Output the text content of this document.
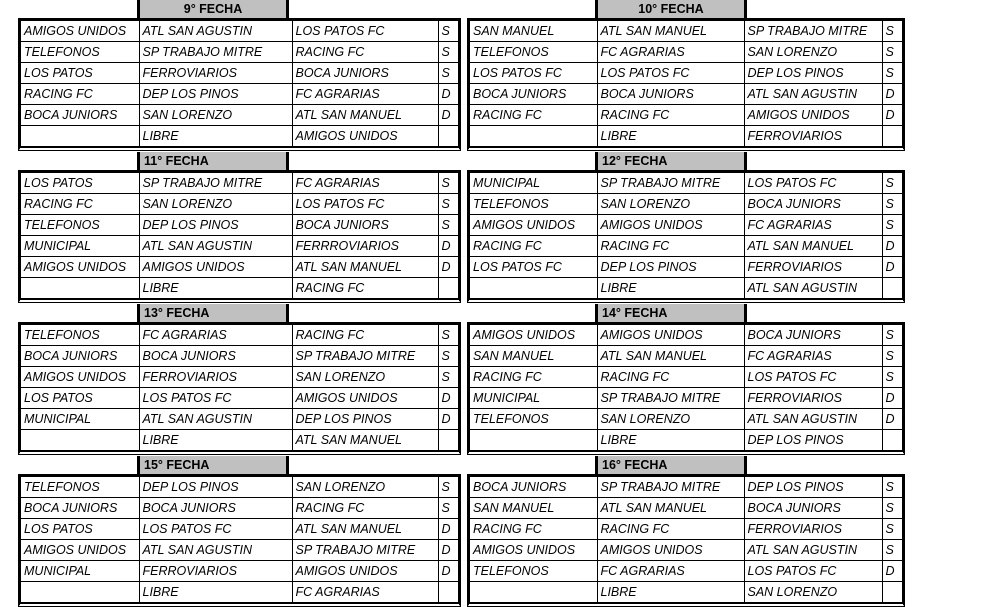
9° FECHA
AMIGOS UNIDOS	ATL SAN AGUSTIN	LOS PATOS FC	S
TELEFONOS	SP TRABAJO MITRE	RACING FC	S
LOS PATOS	FERROVIARIOS	BOCA JUNIORS	S
RACING FC	DEP LOS PINOS	FC AGRARIAS	D
BOCA JUNIORS	SAN LORENZO	ATL SAN MANUEL	D
	LIBRE	AMIGOS UNIDOS	
10° FECHA
SAN MANUEL	ATL SAN MANUEL	SP TRABAJO MITRE	S
TELEFONOS	FC AGRARIAS	SAN LORENZO	S
LOS PATOS FC	LOS PATOS FC	DEP LOS PINOS	S
BOCA JUNIORS	BOCA JUNIORS	ATL SAN AGUSTIN	D
RACING FC	RACING FC	AMIGOS UNIDOS	D
	LIBRE	FERROVIARIOS	
11° FECHA
LOS PATOS	SP TRABAJO MITRE	FC AGRARIAS	S
RACING FC	SAN LORENZO	LOS PATOS FC	S
TELEFONOS	DEP LOS PINOS	BOCA JUNIORS	S
MUNICIPAL	ATL SAN AGUSTIN	FERRROVIARIOS	D
AMIGOS UNIDOS	AMIGOS UNIDOS	ATL SAN MANUEL	D
	LIBRE	RACING FC	
12° FECHA
MUNICIPAL	SP TRABAJO MITRE	LOS PATOS FC	S
TELEFONOS	SAN LORENZO	BOCA JUNIORS	S
AMIGOS UNIDOS	AMIGOS UNIDOS	FC AGRARIAS	S
RACING FC	RACING FC	ATL SAN MANUEL	D
LOS PATOS FC	DEP LOS PINOS	FERROVIARIOS	D
	LIBRE	ATL SAN AGUSTIN	
13° FECHA
TELEFONOS	FC AGRARIAS	RACING FC	S
BOCA JUNIORS	BOCA JUNIORS	SP TRABAJO MITRE	S
AMIGOS UNIDOS	FERROVIARIOS	SAN LORENZO	S
LOS PATOS	LOS PATOS FC	AMIGOS UNIDOS	D
MUNICIPAL	ATL SAN AGUSTIN	DEP LOS PINOS	D
	LIBRE	ATL SAN MANUEL	
14° FECHA
AMIGOS UNIDOS	AMIGOS UNIDOS	BOCA JUNIORS	S
SAN MANUEL	ATL SAN MANUEL	FC AGRARIAS	S
RACING FC	RACING FC	LOS PATOS FC	S
MUNICIPAL	SP TRABAJO MITRE	FERROVIARIOS	D
TELEFONOS	SAN LORENZO	ATL SAN AGUSTIN	D
	LIBRE	DEP LOS PINOS	
15° FECHA
TELEFONOS	DEP LOS PINOS	SAN LORENZO	S
BOCA JUNIORS	BOCA JUNIORS	RACING FC	S
LOS PATOS	LOS PATOS FC	ATL SAN MANUEL	D
AMIGOS UNIDOS	ATL SAN AGUSTIN	SP TRABAJO MITRE	D
MUNICIPAL	FERROVIARIOS	AMIGOS UNIDOS	D
	LIBRE	FC AGRARIAS	
16° FECHA
BOCA JUNIORS	SP TRABAJO MITRE	DEP LOS PINOS	S
SAN MANUEL	ATL SAN MANUEL	BOCA JUNIORS	S
RACING FC	RACING FC	FERROVIARIOS	S
AMIGOS UNIDOS	AMIGOS UNIDOS	ATL SAN AGUSTIN	S
TELEFONOS	FC AGRARIAS	LOS PATOS FC	D
	LIBRE	SAN LORENZO	
